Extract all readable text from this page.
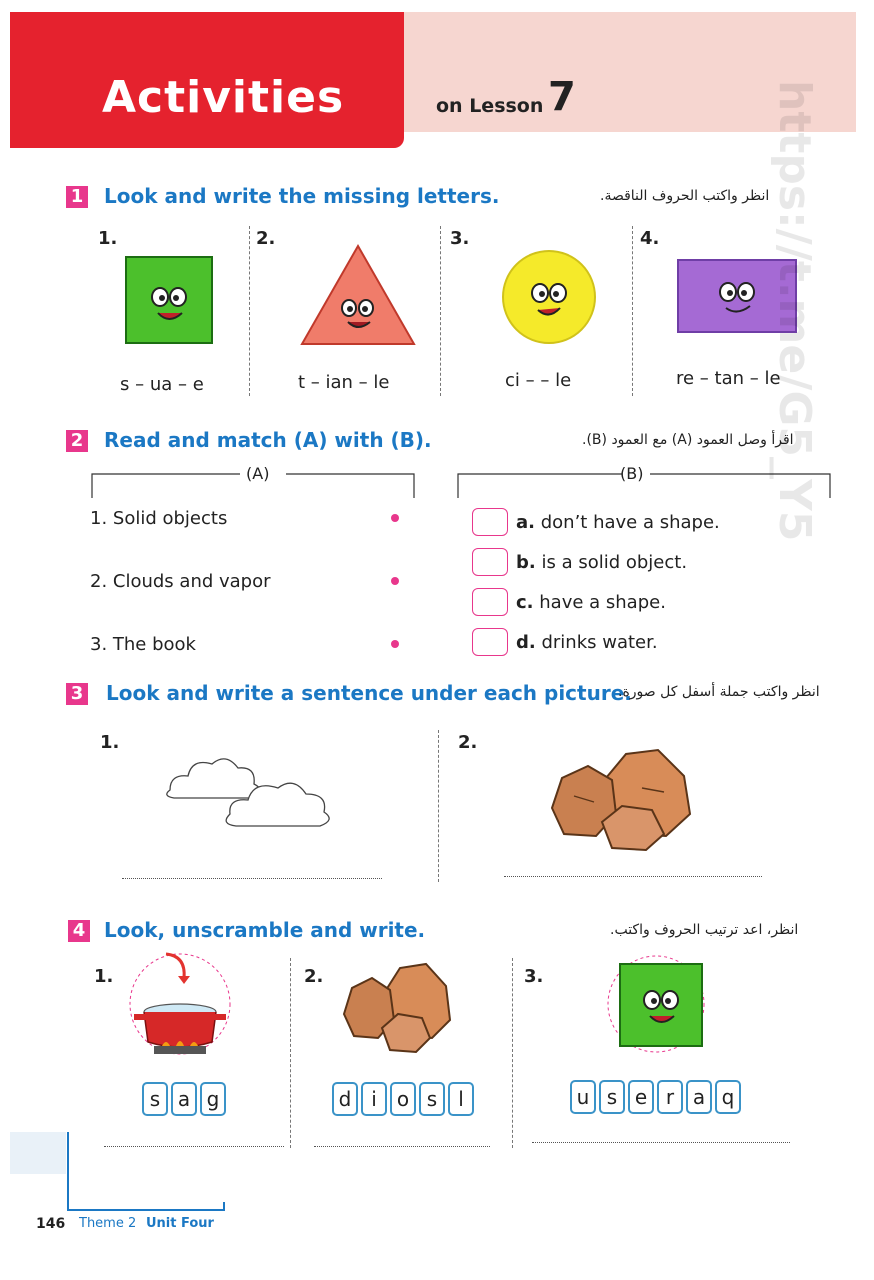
Activities	on Lesson 7
1 Look and write the missing letters.	انظر واكتب الحروف الناقصة.
1.	2.	3.	4.
s – ua – e	t – ian – le	ci – – le	re – tan – le
2 Read and match (A) with (B).	اقرأ وصل العمود (A) مع العمود (B).
(A)	(B)
1. Solid objects
2. Clouds and vapor
3. The book
a. don’t have a shape.
b. is a solid object.
c. have a shape.
d. drinks water.
3 Look and write a sentence under each picture.
انظر واكتب جملة أسفل كل صورة.
1.	2.
4 Look, unscramble and write.	انظر، اعد ترتيب الحروف واكتب.
1.	2.	3.
s a g	d i	o s	l	u s e r a q
146 Theme 2 Unit Four
https://t.me/G5_Y5
